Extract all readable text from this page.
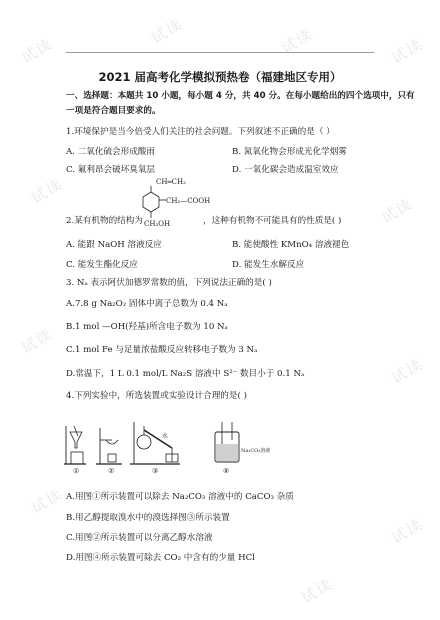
试读
试读	试读	试读
试读
试读
试读
试读
试读
试读
试读
2021 届高考化学模拟预热卷（福建地区专用）
一、选择题：本题共 10 小题，每小题 4 分，共 40 分。在每小题给出的四个选项中，只有
一项是符合题目要求的。
1.环境保护是当今倍受人们关注的社会问题。下列叙述不正确的是（ ）
A. 二氧化硫会形成酸雨	B. 氮氧化物会形成光化学烟雾
C. 氟利昂会破坏臭氧层	D. 一氧化碳会造成温室效应
CH═CH₂
CH₂—COOH
CH₂OH
2.某有机物的结构为	，这种有机物不可能具有的性质是( )
A. 能跟 NaOH 溶液反应	B. 能使酸性 KMnO₄ 溶液褪色
C. 能发生酯化反应	D. 能发生水解反应
3. Nₐ 表示阿伏加德罗常数的值，下列说法正确的是( )
A.7.8 g Na₂O₂ 固体中离子总数为 0.4 Nₐ
B.1 mol —OH(羟基)所含电子数为 10 Nₐ
C.1 mol Fe 与足量浓盐酸反应转移电子数为 3 Nₐ
D.常温下，1 L 0.1 mol/L Na₂S 溶液中 S²⁻ 数目小于 0.1 Nₐ
4.下列实验中，所选装置或实验设计合理的是( )
①	②
水
③
Na₂CO₃溶液
④
A.用图①所示装置可以除去 Na₂CO₃ 溶液中的 CaCO₃ 杂质
B.用乙醇提取溴水中的溴选择图③所示装置
C.用图②所示装置可以分离乙醇水溶液
D.用图④所示装置可除去 CO₂ 中含有的少量 HCl
